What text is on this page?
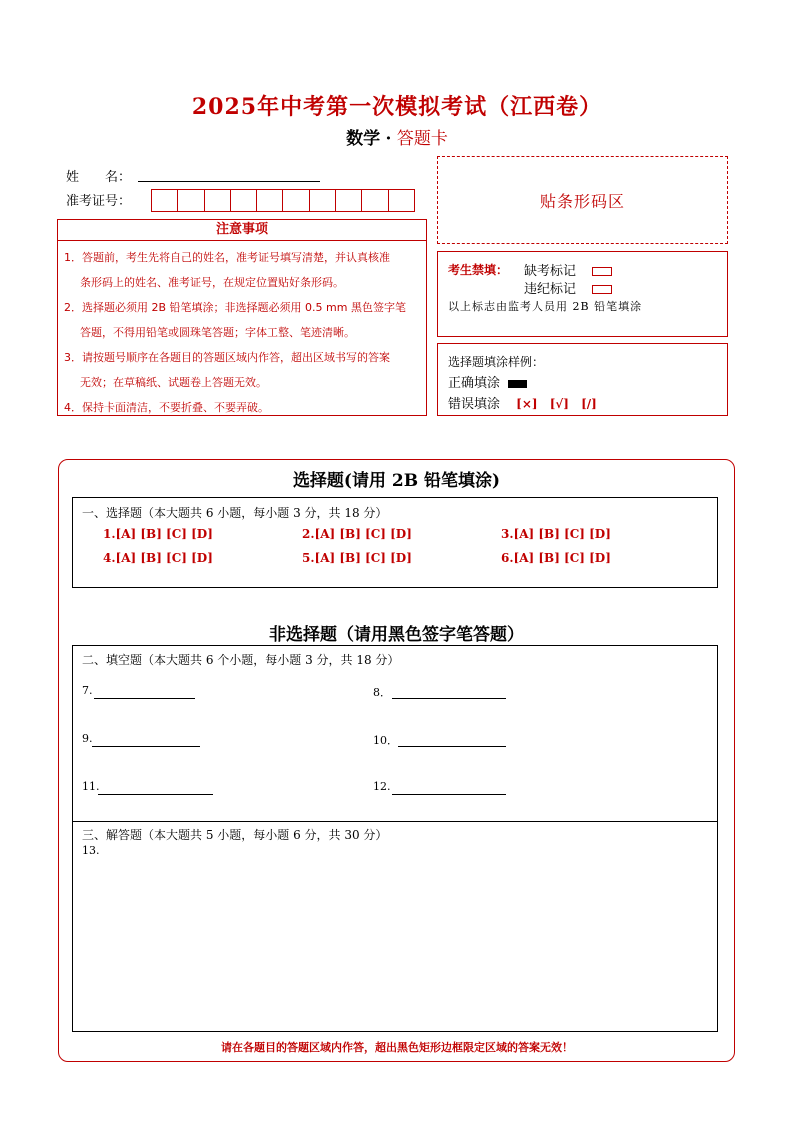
2025年中考第一次模拟考试（江西卷）
数学 · 答题卡
姓　　名：
准考证号：	贴条形码区
注意事项

1．答题前，考生先将自己的姓名，准考证号填写清楚，并认真核准

条形码上的姓名、准考证号，在规定位置贴好条形码。

2．选择题必须用 2B 铅笔填涂；非选择题必须用 0.5 mm 黑色签字笔

答题，不得用铅笔或圆珠笔答题；字体工整、笔迹清晰。

3．请按题号顺序在各题目的答题区域内作答，超出区域书写的答案

无效；在草稿纸、试题卷上答题无效。

4．保持卡面清洁，不要折叠、不要弄破。

考生禁填： 缺考标记
违纪标记
以上标志由监考人员用 2B 铅笔填涂
选择题填涂样例：
正确填涂
错误填涂 [×] [√] [/]
选择题(请用 2B 铅笔填涂)
一、选择题（本大题共 6 小题，每小题 3 分，共 18 分）
1.[A] [B] [C] [D]	2.[A] [B] [C] [D]	3.[A] [B] [C] [D]
4.[A] [B] [C] [D]	5.[A] [B] [C] [D]	6.[A] [B] [C] [D]
非选择题（请用黑色签字笔答题）
二、填空题（本大题共 6 个小题，每小题 3 分，共 18 分）
7.	8．
9.	10．
11.	12.
三、解答题（本大题共 5 小题，每小题 6 分，共 30 分）
13.
请在各题目的答题区域内作答，超出黑色矩形边框限定区域的答案无效！
